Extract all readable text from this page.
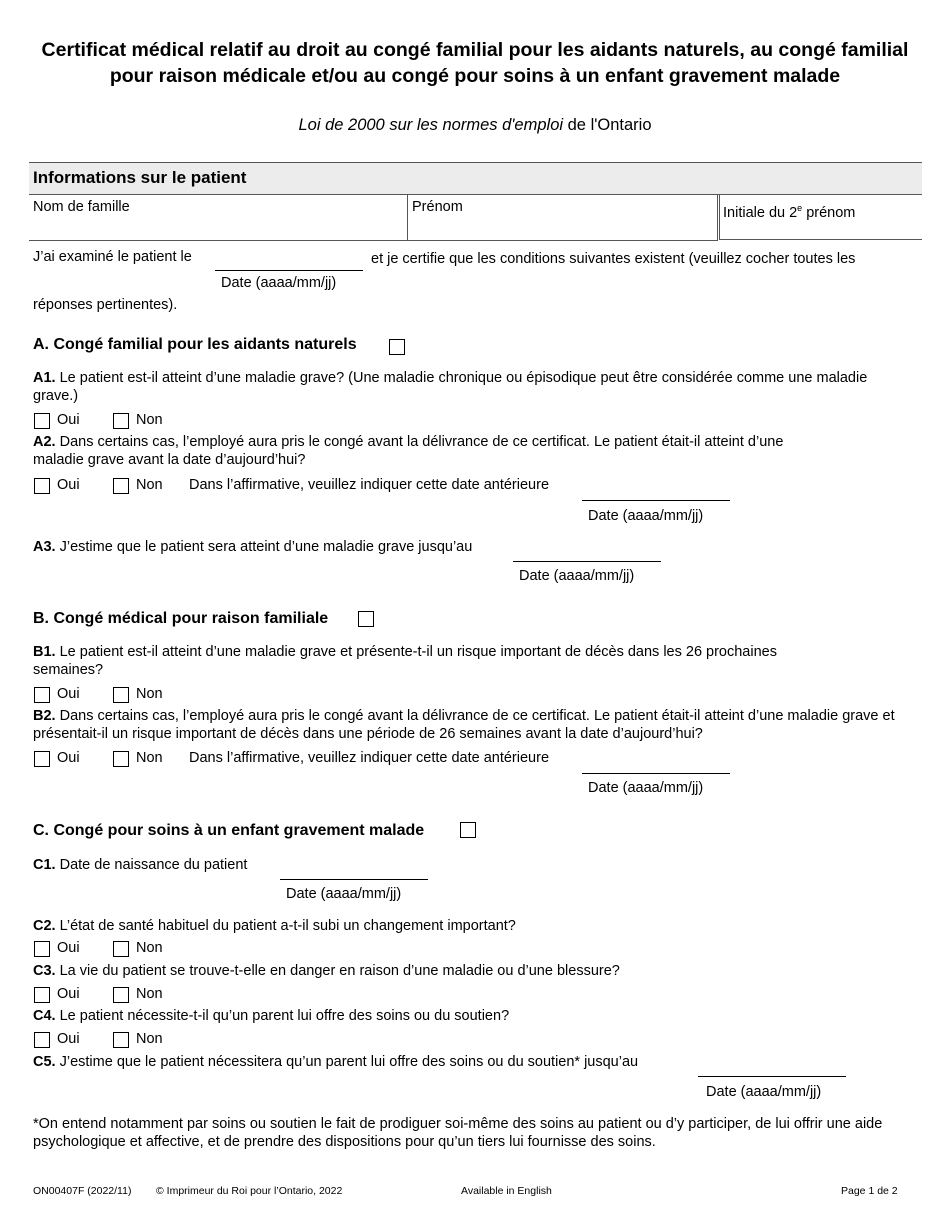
Certificat médical relatif au droit au congé familial pour les aidants naturels, au congé familial pour raison médicale et/ou au congé pour soins à un enfant gravement malade
Loi de 2000 sur les normes d'emploi de l'Ontario
Informations sur le patient
Nom de famille	Prénom	Initiale du 2e prénom
J’ai examiné le patient le
Date (aaaa/mm/jj)
et je certifie que les conditions suivantes existent (veuillez cocher toutes les
réponses pertinentes).
A. Congé familial pour les aidants naturels
A1. Le patient est-il atteint d’une maladie grave? (Une maladie chronique ou épisodique peut être considérée comme une maladie grave.)
Oui	Non
A2. Dans certains cas, l’employé aura pris le congé avant la délivrance de ce certificat. Le patient était-il atteint d’une maladie grave avant la date d’aujourd’hui?
Oui	Non Dans l’affirmative, veuillez indiquer cette date antérieure
Date (aaaa/mm/jj)
A3. J’estime que le patient sera atteint d’une maladie grave jusqu’au
Date (aaaa/mm/jj)
B. Congé médical pour raison familiale
B1. Le patient est-il atteint d’une maladie grave et présente-t-il un risque important de décès dans les 26 prochaines semaines?
Oui	Non
B2. Dans certains cas, l’employé aura pris le congé avant la délivrance de ce certificat. Le patient était-il atteint d’une maladie grave et présentait-il un risque important de décès dans une période de 26 semaines avant la date d’aujourd’hui?
Oui	Non Dans l’affirmative, veuillez indiquer cette date antérieure
Date (aaaa/mm/jj)
C. Congé pour soins à un enfant gravement malade
C1. Date de naissance du patient
Date (aaaa/mm/jj)
C2. L’état de santé habituel du patient a-t-il subi un changement important?
Oui	Non
C3. La vie du patient se trouve-t-elle en danger en raison d’une maladie ou d’une blessure?
Oui	Non
C4. Le patient nécessite-t-il qu’un parent lui offre des soins ou du soutien?
Oui	Non
C5. J’estime que le patient nécessitera qu’un parent lui offre des soins ou du soutien* jusqu’au
Date (aaaa/mm/jj)
*On entend notamment par soins ou soutien le fait de prodiguer soi-même des soins au patient ou d’y participer, de lui offrir une aide psychologique et affective, et de prendre des dispositions pour qu’un tiers lui fournisse des soins.
ON00407F (2022/11) © Imprimeur du Roi pour l’Ontario, 2022	Available in English	Page 1 de 2
